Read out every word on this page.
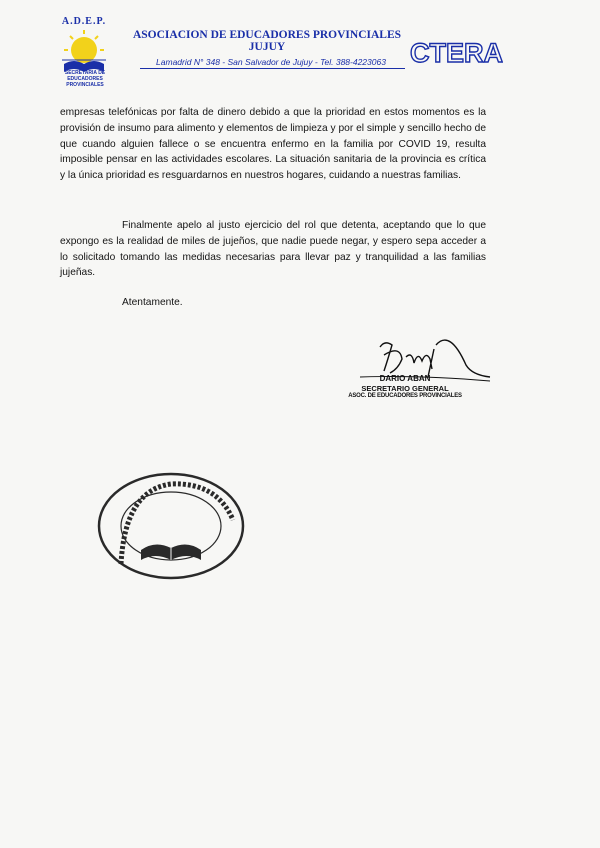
A.D.E.P.
SECRETARIA DE EDUCADORES PROVINCIALES
ASOCIACION DE EDUCADORES PROVINCIALES
JUJUY
Lamadrid N° 348 - San Salvador de Jujuy - Tel. 388-4223063 CTERA
empresas telefónicas por falta de dinero debido a que la prioridad en estos momentos es la provisión de insumo para alimento y elementos de limpieza y por el simple y sencillo hecho de que cuando alguien fallece o se encuentra enfermo en la familia por COVID 19, resulta imposible pensar en las actividades escolares. La situación sanitaria de la provincia es crítica y la única prioridad es resguardarnos en nuestros hogares, cuidando a nuestras familias.
Finalmente apelo al justo ejercicio del rol que detenta, aceptando que lo que expongo es la realidad de miles de jujeños, que nadie puede negar, y espero sepa acceder a lo solicitado tomando las medidas necesarias para llevar paz y tranquilidad a las familias jujeñas.
Atentamente.
DARIO ABAN
SECRETARIO GENERAL
ASOC. DE EDUCADORES PROVINCIALES
